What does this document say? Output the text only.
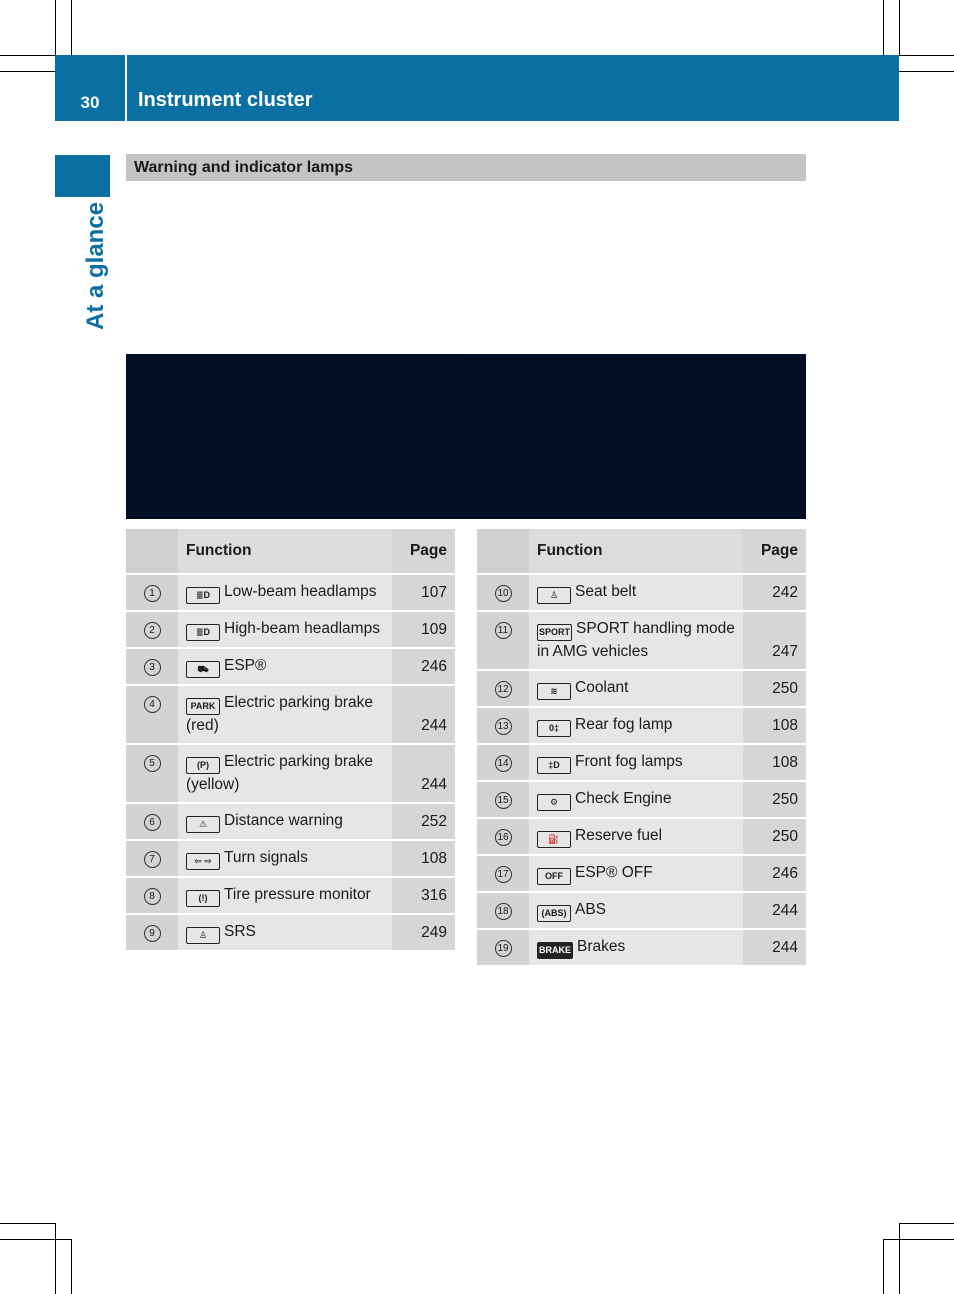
30	Instrument cluster
At a glance
Warning and indicator lamps
	Function	Page
1	≣D Low-beam headlamps	107
2	≣D High-beam headlamps	109
3	⛟ ESP®	246
4	PARK Electric parking brake (red)	244
5	(P) Electric parking brake (yellow)	244
6	⚠ Distance warning	252
7	⇦ ⇨ Turn signals	108
8	(!) Tire pressure monitor	316
9	♙ SRS	249
	Function	Page
10	♙ Seat belt	242
11	SPORT SPORT handling mode in AMG vehicles	247
12	≋ Coolant	250
13	0‡ Rear fog lamp	108
14	‡D Front fog lamps	108
15	⚙ Check Engine	250
16	⛽ Reserve fuel	250
17	OFF ESP® OFF	246
18	(ABS) ABS	244
19	BRAKE Brakes	244
